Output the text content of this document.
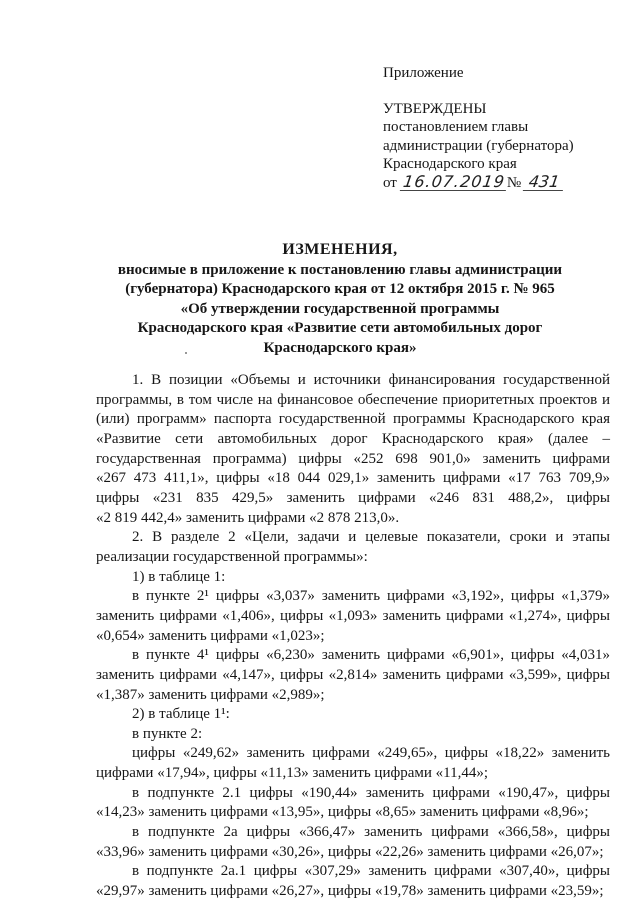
Приложение
УТВЕРЖДЕНЫ
постановлением главы
администрации (губернатора)
Краснодарского края
от 16.07.2019№ 431
ИЗМЕНЕНИЯ,
вносимые в приложение к постановлению главы администрации
(губернатора) Краснодарского края от 12 октября 2015 г. № 965
«Об утверждении государственной программы
Краснодарского края «Развитие сети автомобильных дорог
Краснодарского края»
1. В позиции «Объемы и источники финансирования государственной
программы, в том числе на финансовое обеспечение приоритетных проектов и
(или) программ» паспорта государственной программы Краснодарского края
«Развитие сети автомобильных дорог Краснодарского края» (далее –
государственная программа) цифры «252 698 901,0» заменить цифрами
«267 473 411,1», цифры «18 044 029,1» заменить цифрами «17 763 709,9»
цифры «231 835 429,5» заменить цифрами «246 831 488,2», цифры
«2 819 442,4» заменить цифрами «2 878 213,0».
2. В разделе 2 «Цели, задачи и целевые показатели, сроки и этапы
реализации государственной программы»:
1) в таблице 1:
в пункте 2¹ цифры «3,037» заменить цифрами «3,192», цифры «1,379»
заменить цифрами «1,406», цифры «1,093» заменить цифрами «1,274», цифры
«0,654» заменить цифрами «1,023»;
в пункте 4¹ цифры «6,230» заменить цифрами «6,901», цифры «4,031»
заменить цифрами «4,147», цифры «2,814» заменить цифрами «3,599», цифры
«1,387» заменить цифрами «2,989»;
2) в таблице 1¹:
в пункте 2:
цифры «249,62» заменить цифрами «249,65», цифры «18,22» заменить
цифрами «17,94», цифры «11,13» заменить цифрами «11,44»;
в подпункте 2.1 цифры «190,44» заменить цифрами «190,47», цифры
«14,23» заменить цифрами «13,95», цифры «8,65» заменить цифрами «8,96»;
в подпункте 2а цифры «366,47» заменить цифрами «366,58», цифры
«33,96» заменить цифрами «30,26», цифры «22,26» заменить цифрами «26,07»;
в подпункте 2а.1 цифры «307,29» заменить цифрами «307,40», цифры
«29,97» заменить цифрами «26,27», цифры «19,78» заменить цифрами «23,59»;
